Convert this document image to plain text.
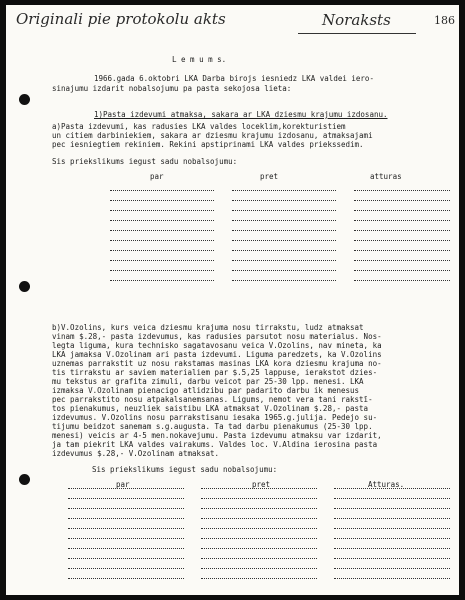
Originali pie protokolu akts	Noraksts	186
L e m u m s.
1966.gada 6.oktobri LKA Darba birojs iesniedz LKA valdei iero-
sinajumu izdarit nobalsojumu pa pasta sekojosa lieta:
1)Pasta izdevumi atmaksa, sakara ar LKA dziesmu krajumu izdosanu.
a)Pasta izdevumi, kas radusies LKA valdes loceklim,korekturistiem
un citiem darbiniekiem, sakara ar dziesmu krajumu izdosanu, atmaksajami
pec iesniegtiem rekiniem. Rekini apstiprinami LKA valdes priekssedim.
Sis priekslikums iegust sadu nobalsojumu:
par	pret	atturas
b)V.Ozolins, kurs veica dziesmu krajuma nosu tirrakstu, ludz atmaksat
vinam $.28,- pasta izdevumus, kas radusies parsutot nosu materialus. Nos-
legta liguma, kura techniskο sagatavosanu veica V.Ozolins, nav mineta, ka
LKA jamaksa V.Ozolinam ari pasta izdevumi. Liguma paredzets, ka V.Ozolins
uznemas parrakstit uz nosu rakstamas masinas LKA kora dziesmu krajuma no-
tis tirrakstu ar saviem materialiem par $.5,25 lappuse, ierakstot dzies-
mu tekstus ar grafita zimuli, darbu veicot par 25-30 lpp. menesi. LKA
izmaksa V.Ozolinam pienacigo atlidzibu par padarito darbu ik menesus
pec parrakstito nosu atpakalsanemsanas. Ligums, nemot vera tani rakstī-
tos pienakumus, neuzliek saistibu LKA atmaksat V.Ozolinam $.28,- pasta
izdevumus. V.Ozolins nosu parrakstisanu iesaka 1965.g.julija. Pedejo su-
tijumu beidzot sanemam s.g.augusta. Ta tad darbu pienakumus (25-30 lpp.
menesi) veicis ar 4-5 men.nokavejumu. Pasta izdevumu atmaksu var izdarit,
ja tam piekrit LKA valdes vairakums. Valdes loc. V.Aldina ierosina pasta
izdevumus $.28,- V.Ozolinam atmaksat.
Sis priekslikums iegust sadu nobalsojumu:
par	pret	Atturas.
